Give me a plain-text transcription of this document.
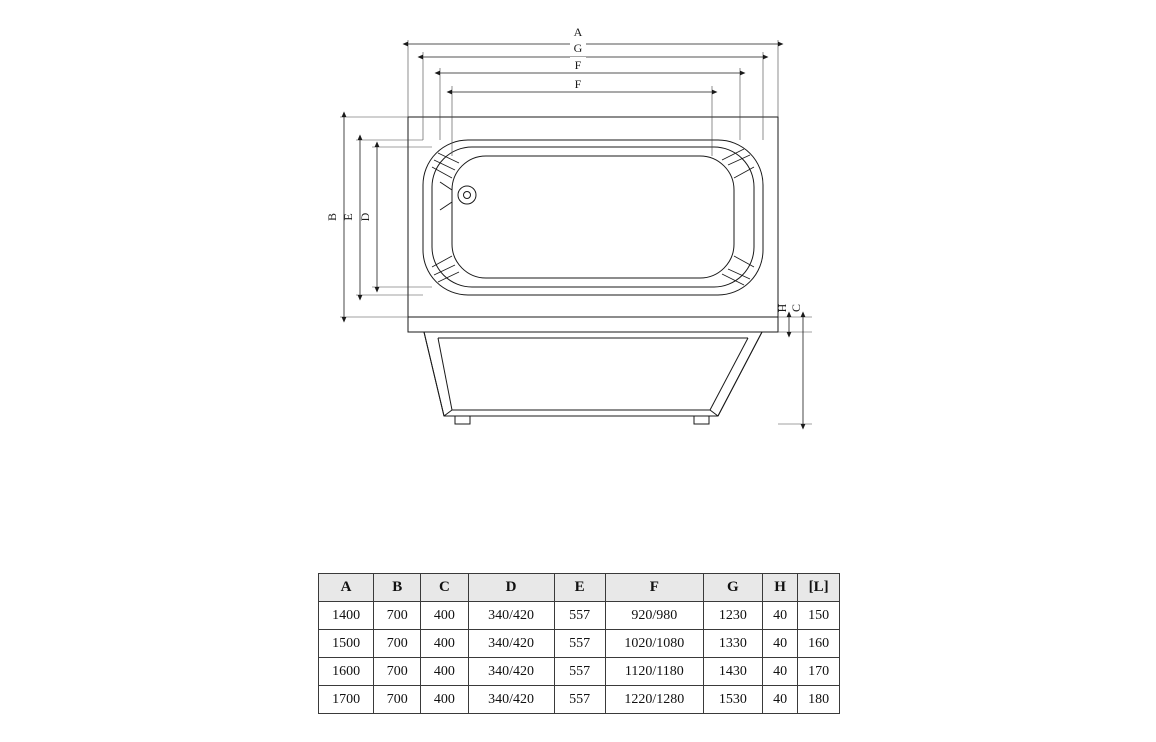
A
G
F
F
B E D
H C
A	B	C	D	E	F	G	H	[L]
1400	700	400	340/420	557	920/980	1230	40	150
1500	700	400	340/420	557	1020/1080	1330	40	160
1600	700	400	340/420	557	1120/1180	1430	40	170
1700	700	400	340/420	557	1220/1280	1530	40	180
